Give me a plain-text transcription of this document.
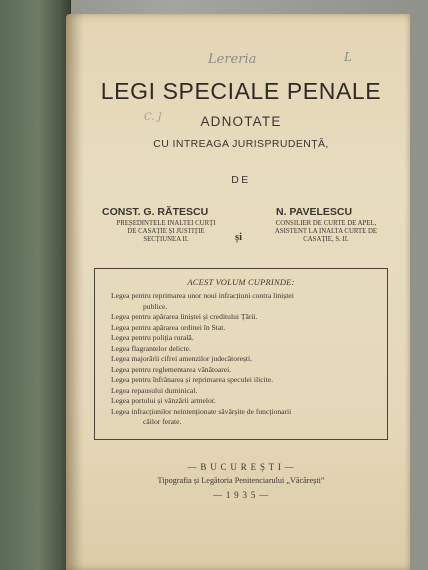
Lereria	L
C. J
LEGI SPECIALE PENALE
ADNOTATE
CU INTREAGA JURISPRUDENȚĂ,
DE
CONST. G. RĂTESCU
PREȘEDINTELE INALTEI CURȚI
DE CASAȚIE ȘI JUSTIȚIE
SECȚIUNEA II.	și
N. PAVELESCU
CONSILIER DE CURTE DE APEL,
ASISTENT LA INALTA CURTE DE
CASAȚIE, S. II.
ACEST VOLUM CUPRINDE:
Legea pentru reprimarea unor noui infracțiuni contra liniștei
publice.
Legea pentru apărarea liniștei și creditului Țării.
Legea pentru apărarea ordinei în Stat.
Legea pentru poliția rurală.
Legea flagrantelor delicte.
Legea majorării cifrei amenzilor judecătorești.
Legea pentru reglementarea vânătoarei.
Legea pentru înfrânarea și reprimarea speculei ilicite.
Legea repausului duminical.
Legea portului și vânzării armelor.
Legea infracțiunilor neintenționate săvârșite de funcționarii
căilor ferate.
— B U C U R E Ș T I —
Tipografia și Legătoria Penitenciarului „Văcărești”
— 1 9 3 5 —
